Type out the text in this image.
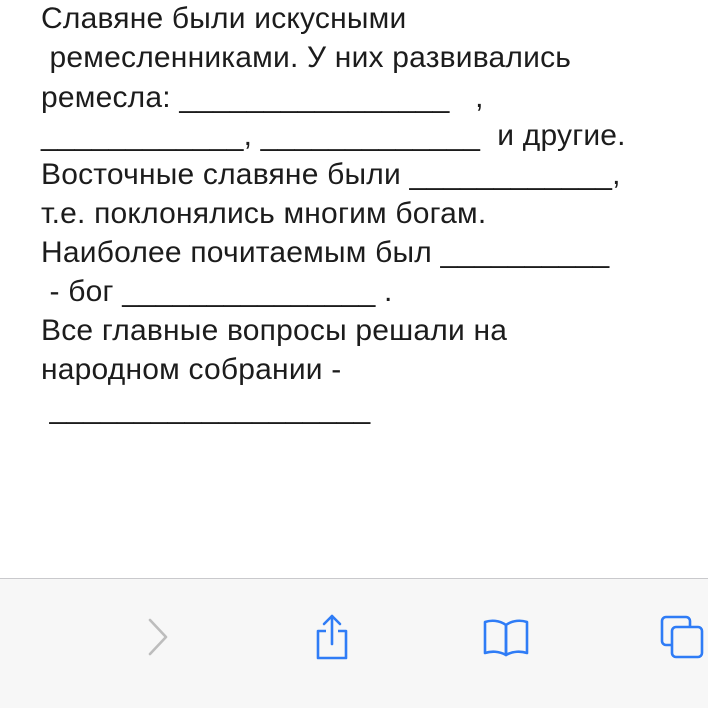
Славяне были искусными
ремесленниками. У них развивались
ремесла: ________________   ,
____________, _____________  и другие.
Восточные славяне были ____________,
т.е. поклонялись многим богам.
Наиболее почитаемым был __________
- бог _______________ .
Все главные вопросы решали на
народном собрании -
___________________
